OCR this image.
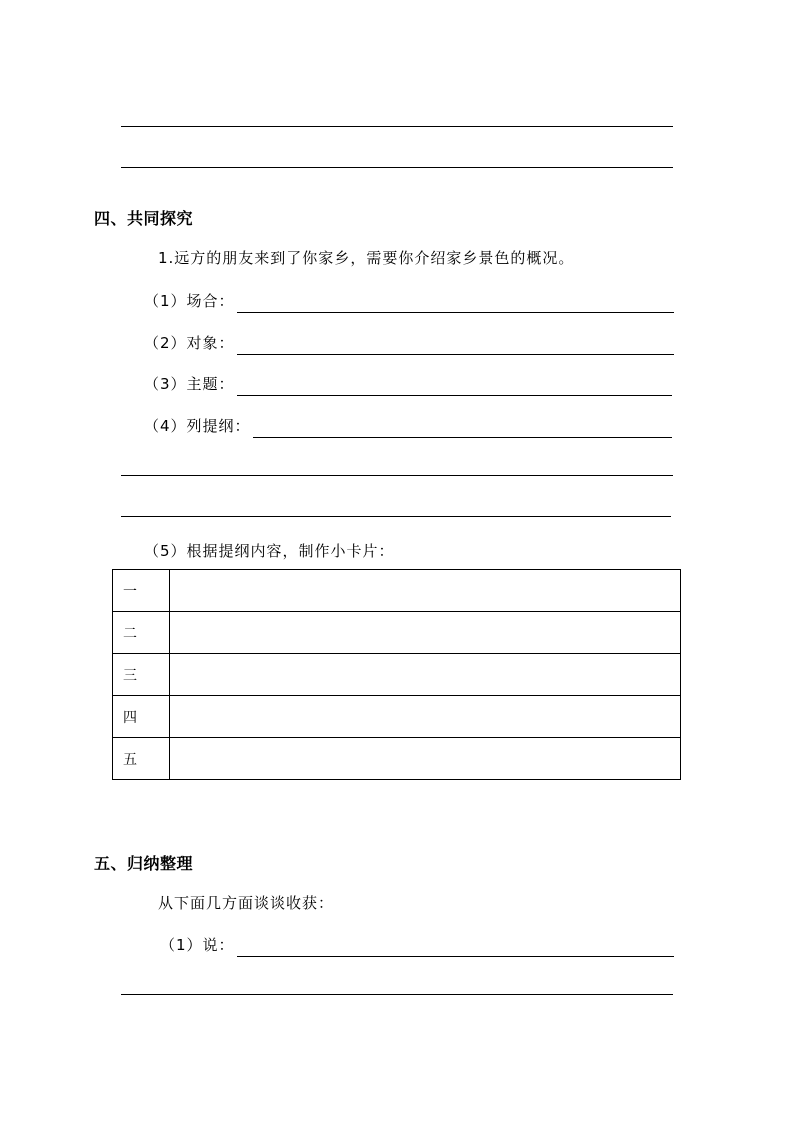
四、共同探究
1.远方的朋友来到了你家乡，需要你介绍家乡景色的概况。
（1）场合：
（2）对象：
（3）主题：
（4）列提纲：
（5）根据提纲内容，制作小卡片：
一	
二	
三	
四	
五	
五、归纳整理
从下面几方面谈谈收获：
（1）说：
